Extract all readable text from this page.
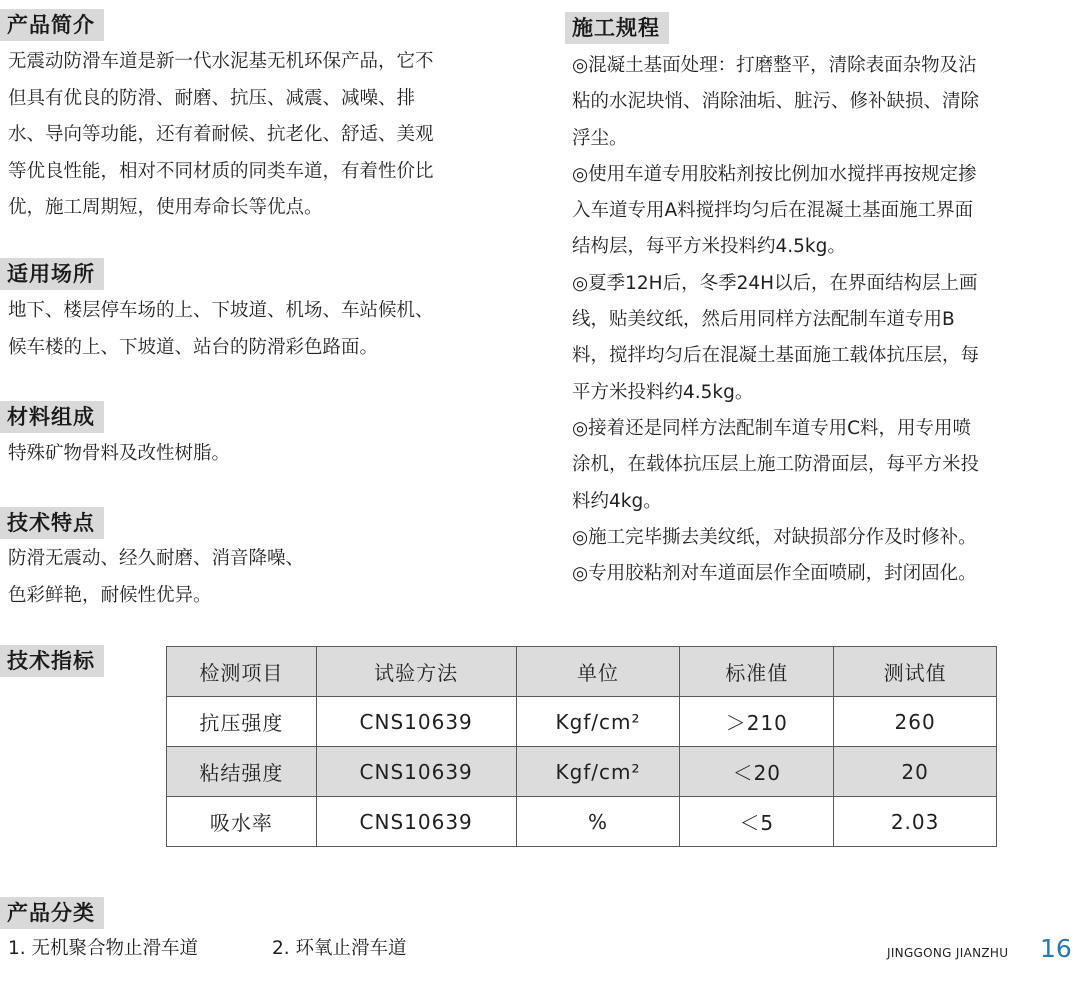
产品简介
无震动防滑车道是新一代水泥基无机环保产品，它不
但具有优良的防滑、耐磨、抗压、减震、减噪、排
水、导向等功能，还有着耐候、抗老化、舒适、美观
等优良性能，相对不同材质的同类车道，有着性价比
优，施工周期短，使用寿命长等优点。
适用场所
地下、楼层停车场的上、下坡道、机场、车站候机、
候车楼的上、下坡道、站台的防滑彩色路面。
材料组成
特殊矿物骨料及改性树脂。
技术特点
防滑无震动、经久耐磨、消音降噪、
色彩鲜艳，耐候性优异。
施工规程
◎混凝土基面处理：打磨整平，清除表面杂物及沾
粘的水泥块悄、消除油垢、脏污、修补缺损、清除
浮尘。
◎使用车道专用胶粘剂按比例加水搅拌再按规定掺
入车道专用A料搅拌均匀后在混凝土基面施工界面
结构层，每平方米投料约4.5kg。
◎夏季12H后，冬季24H以后，在界面结构层上画
线，贴美纹纸，然后用同样方法配制车道专用B
料，搅拌均匀后在混凝土基面施工载体抗压层，每
平方米投料约4.5kg。
◎接着还是同样方法配制车道专用C料，用专用喷
涂机，在载体抗压层上施工防滑面层，每平方米投
料约4kg。
◎施工完毕撕去美纹纸，对缺损部分作及时修补。
◎专用胶粘剂对车道面层作全面喷刷，封闭固化。
技术指标	检测项目	试验方法	单位	标准值	测试值
抗压强度	CNS10639	Kgf/cm²	＞210	260
粘结强度	CNS10639	Kgf/cm²	＜20	20
吸水率	CNS10639	%	＜5	2.03
产品分类
1. 无机聚合物止滑车道	2. 环氧止滑车道	JINGGONG JIANZHU 16
